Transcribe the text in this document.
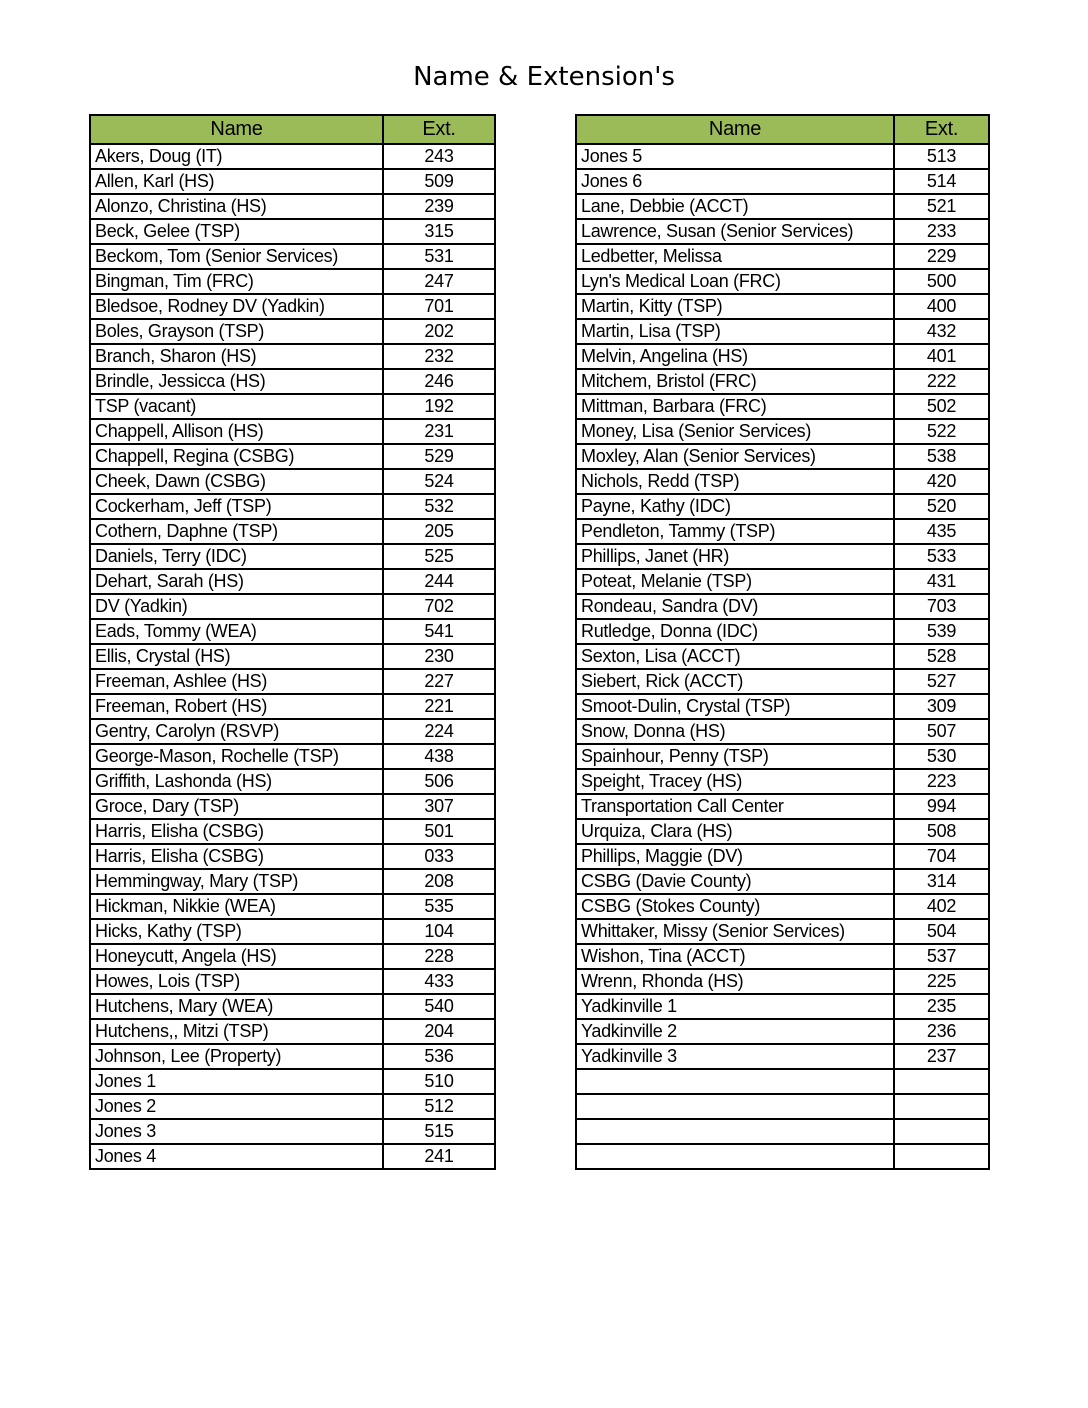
Name & Extension's
Name	Ext.
Akers, Doug (IT)	243
Allen, Karl (HS)	509
Alonzo, Christina (HS)	239
Beck, Gelee (TSP)	315
Beckom, Tom (Senior Services)	531
Bingman, Tim (FRC)	247
Bledsoe, Rodney DV (Yadkin)	701
Boles, Grayson (TSP)	202
Branch, Sharon (HS)	232
Brindle, Jessicca (HS)	246
TSP (vacant)	192
Chappell, Allison (HS)	231
Chappell, Regina (CSBG)	529
Cheek, Dawn (CSBG)	524
Cockerham, Jeff (TSP)	532
Cothern, Daphne (TSP)	205
Daniels, Terry (IDC)	525
Dehart, Sarah (HS)	244
DV (Yadkin)	702
Eads, Tommy (WEA)	541
Ellis, Crystal (HS)	230
Freeman, Ashlee (HS)	227
Freeman, Robert (HS)	221
Gentry, Carolyn (RSVP)	224
George-Mason, Rochelle (TSP)	438
Griffith, Lashonda (HS)	506
Groce, Dary (TSP)	307
Harris, Elisha (CSBG)	501
Harris, Elisha (CSBG)	033
Hemmingway, Mary (TSP)	208
Hickman, Nikkie (WEA)	535
Hicks, Kathy (TSP)	104
Honeycutt, Angela (HS)	228
Howes, Lois (TSP)	433
Hutchens, Mary (WEA)	540
Hutchens,, Mitzi (TSP)	204
Johnson, Lee (Property)	536
Jones 1	510
Jones 2	512
Jones 3	515
Jones 4	241
Name	Ext.
Jones 5	513
Jones 6	514
Lane, Debbie (ACCT)	521
Lawrence, Susan (Senior Services)	233
Ledbetter, Melissa	229
Lyn's Medical Loan (FRC)	500
Martin, Kitty (TSP)	400
Martin, Lisa (TSP)	432
Melvin, Angelina (HS)	401
Mitchem, Bristol (FRC)	222
Mittman, Barbara (FRC)	502
Money, Lisa (Senior Services)	522
Moxley, Alan (Senior Services)	538
Nichols, Redd (TSP)	420
Payne, Kathy (IDC)	520
Pendleton, Tammy (TSP)	435
Phillips, Janet (HR)	533
Poteat, Melanie (TSP)	431
Rondeau, Sandra (DV)	703
Rutledge, Donna (IDC)	539
Sexton, Lisa (ACCT)	528
Siebert, Rick (ACCT)	527
Smoot-Dulin, Crystal (TSP)	309
Snow, Donna (HS)	507
Spainhour, Penny (TSP)	530
Speight, Tracey (HS)	223
Transportation Call Center	994
Urquiza, Clara (HS)	508
Phillips, Maggie (DV)	704
CSBG (Davie County)	314
CSBG (Stokes County)	402
Whittaker, Missy (Senior Services)	504
Wishon, Tina (ACCT)	537
Wrenn, Rhonda (HS)	225
Yadkinville 1	235
Yadkinville 2	236
Yadkinville 3	237
